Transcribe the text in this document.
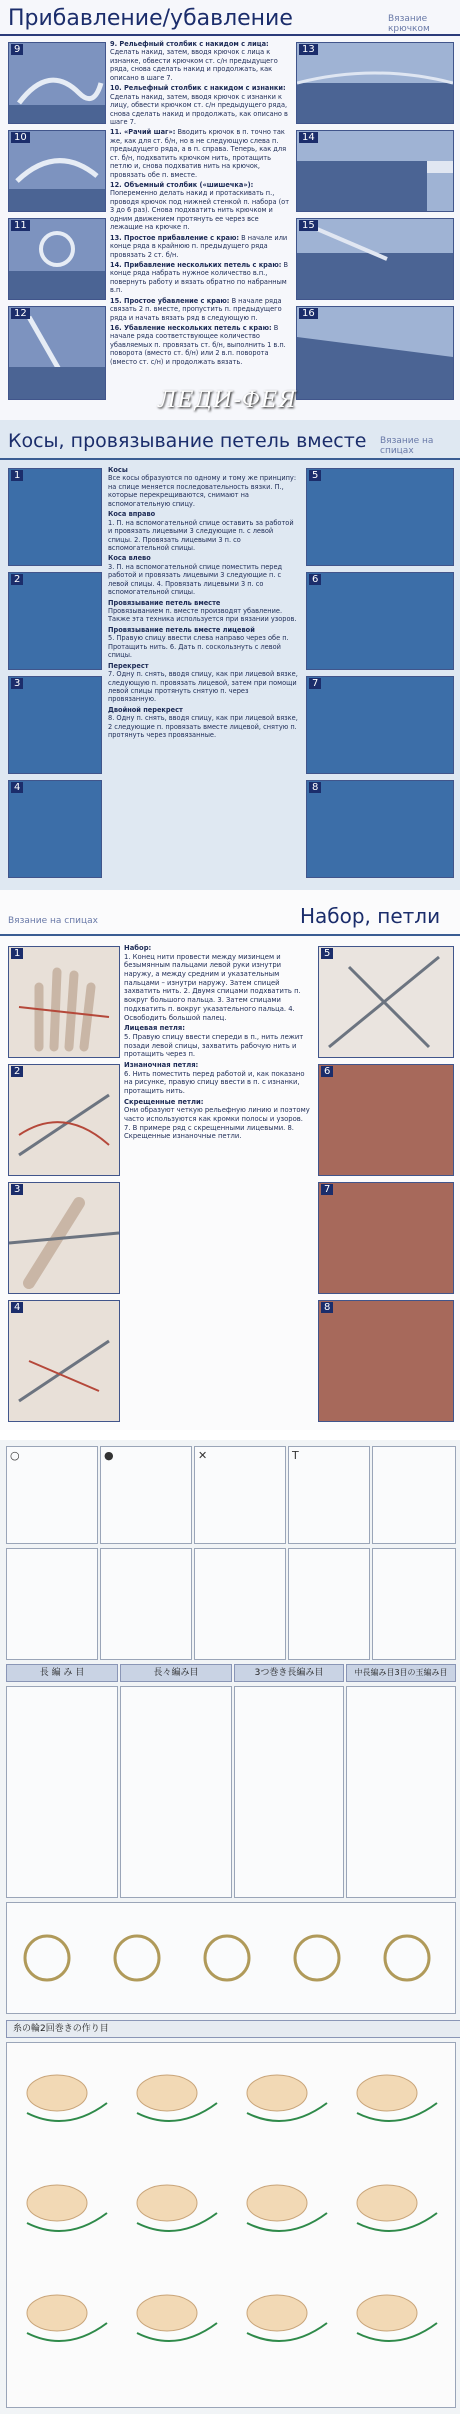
Прибавление/убавление	Вязание крючком
9
10
11
12

9. Рельефный столбик с накидом с лица: Сделать накид, затем, вводя крючок с лица к изнанке, обвести крючком ст. с/н предыдущего ряда, снова сделать накид и продолжать, как описано в шаге 7.

10. Рельефный столбик с накидом с изнанки: Сделать накид, затем, вводя крючок с изнанки к лицу, обвести крючком ст. с/н предыдущего ряда, снова сделать накид и продолжать, как описано в шаге 7.

11. «Рачий шаг»: Вводить крючок в п. точно так же, как для ст. б/н, но в не следующую слева п. предыдущего ряда, а в п. справа. Теперь, как для ст. б/н, подхватить крючком нить, протащить петлю и, снова подхватив нить на крючок, провязать обе п. вместе.

12. Объемный столбик («шишечка»): Попеременно делать накид и протаскивать п., проводя крючок под нижней стенкой п. набора (от 3 до 6 раз). Снова подхватить нить крючком и одним движением протянуть ее через все лежащие на крючке п.

13. Простое прибавление с краю: В начале или конце ряда в крайнюю п. предыдущего ряда провязать 2 ст. б/н.

14. Прибавление нескольких петель с краю: В конце ряда набрать нужное количество в.п., повернуть работу и вязать обратно по набранным в.п.

15. Простое убавление с краю: В начале ряда связать 2 п. вместе, пропустить п. предыдущего ряда и начать вязать ряд в следующую п.

16. Убавление нескольких петель с краю: В начале ряда соответствующее количество убавляемых п. провязать ст. б/н, выполнить 1 в.п. поворота (вместо ст. б/н) или 2 в.п. поворота (вместо ст. с/н) и продолжать вязать.

13
14
15
16
ЛЕДИ-ФЕЯ
Косы, провязывание петель вместе Вязание на спицах
1
2
3
4

Косы
Все косы образуются по одному и тому же принципу: на спице меняется последовательность вязки. П., которые перекрещиваются, снимают на вспомогательную спицу.

Коса вправо
1. П. на вспомогательной спице оставить за работой и провязать лицевыми 3 следующие п. с левой спицы. 2. Провязать лицевыми 3 п. со вспомогательной спицы.

Коса влево
3. П. на вспомогательной спице поместить перед работой и провязать лицевыми 3 следующие п. с левой спицы. 4. Провязать лицевыми 3 п. со вспомогательной спицы.

Провязывание петель вместе
Провязыванием п. вместе производят убавление. Также эта техника используется при вязании узоров.

Провязывание петель вместе лицевой
5. Правую спицу ввести слева направо через обе п. Протащить нить. 6. Дать п. соскользнуть с левой спицы.

Перекрест
7. Одну п. снять, вводя спицу, как при лицевой вязке, следующую п. провязать лицевой, затем при помощи левой спицы протянуть снятую п. через провязанную.

Двойной перекрест
8. Одну п. снять, вводя спицу, как при лицевой вязке, 2 следующие п. провязать вместе лицевой, снятую п. протянуть через провязанные.

5
6
7
8
Вязание на спицах	Набор, петли
1
2
3
4

Набор:
1. Конец нити провести между мизинцем и безымянным пальцами левой руки изнутри наружу, а между средним и указательным пальцами – изнутри наружу. Затем спицей захватить нить. 2. Двумя спицами подхватить п. вокруг большого пальца. 3. Затем спицами подхватить п. вокруг указательного пальца. 4. Освободить большой палец.

Лицевая петля:
5. Правую спицу ввести спереди в п., нить лежит позади левой спицы, захватить рабочую нить и протащить через п.

Изнаночная петля:
6. Нить поместить перед работой и, как показано на рисунке, правую спицу ввести в п. с изнанки, протащить нить.

Скрещенные петли:
Они образуют четкую рельефную линию и поэтому часто используются как кромки полосы и узоров. 7. В примере ряд с скрещенными лицевыми. 8. Скрещенные изнаночные петли.

5
6
7
8
○	●	✕	T
長 編 み 目	長々編み目	3つ巻き長編み目	中長編み目3目の玉編み目
糸の輪2回巻きの作り目
